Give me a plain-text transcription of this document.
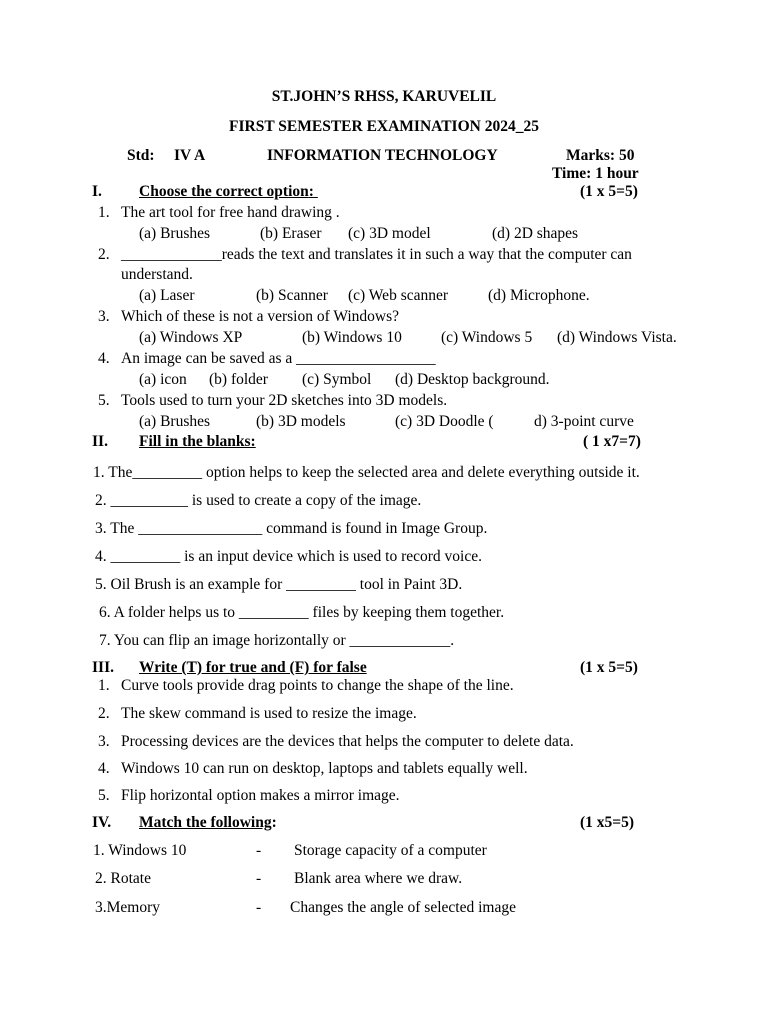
ST.JOHN’S RHSS, KARUVELIL
FIRST SEMESTER EXAMINATION 2024_25
Std: IV A	INFORMATION TECHNOLOGY	Marks: 50
Time: 1 hour
I. Choose the correct option:	(1 x 5=5)
1. The art tool for free hand drawing .
(a) Brushes	(b) Eraser (c) 3D model	(d) 2D shapes
2. _____________reads the text and translates it in such a way that the computer can
understand.
(a) Laser	(b) Scanner (c) Web scanner	(d) Microphone.
3. Which of these is not a version of Windows?
(a) Windows XP	(b) Windows 10	(c) Windows 5 (d) Windows Vista.
4. An image can be saved as a __________________
(a) icon (b) folder (c) Symbol (d) Desktop background.
5. Tools used to turn your 2D sketches into 3D models.
(a) Brushes	(b) 3D models	(c) 3D Doodle (	d) 3-point curve
II. Fill in the blanks:	( 1 x7=7)
1. The_________ option helps to keep the selected area and delete everything outside it.
2. __________ is used to create a copy of the image.
3. The ________________ command is found in Image Group.
4. _________ is an input device which is used to record voice.
5. Oil Brush is an example for _________ tool in Paint 3D.
6. A folder helps us to _________ files by keeping them together.
7. You can flip an image horizontally or _____________.
III. Write (T) for true and (F) for false	(1 x 5=5)
1. Curve tools provide drag points to change the shape of the line.
2. The skew command is used to resize the image.
3. Processing devices are the devices that helps the computer to delete data.
4. Windows 10 can run on desktop, laptops and tablets equally well.
5. Flip horizontal option makes a mirror image.
IV. Match the following:	(1 x5=5)
1. Windows 10	- Storage capacity of a computer
2. Rotate	- Blank area where we draw.
3.Memory	- Changes the angle of selected image
